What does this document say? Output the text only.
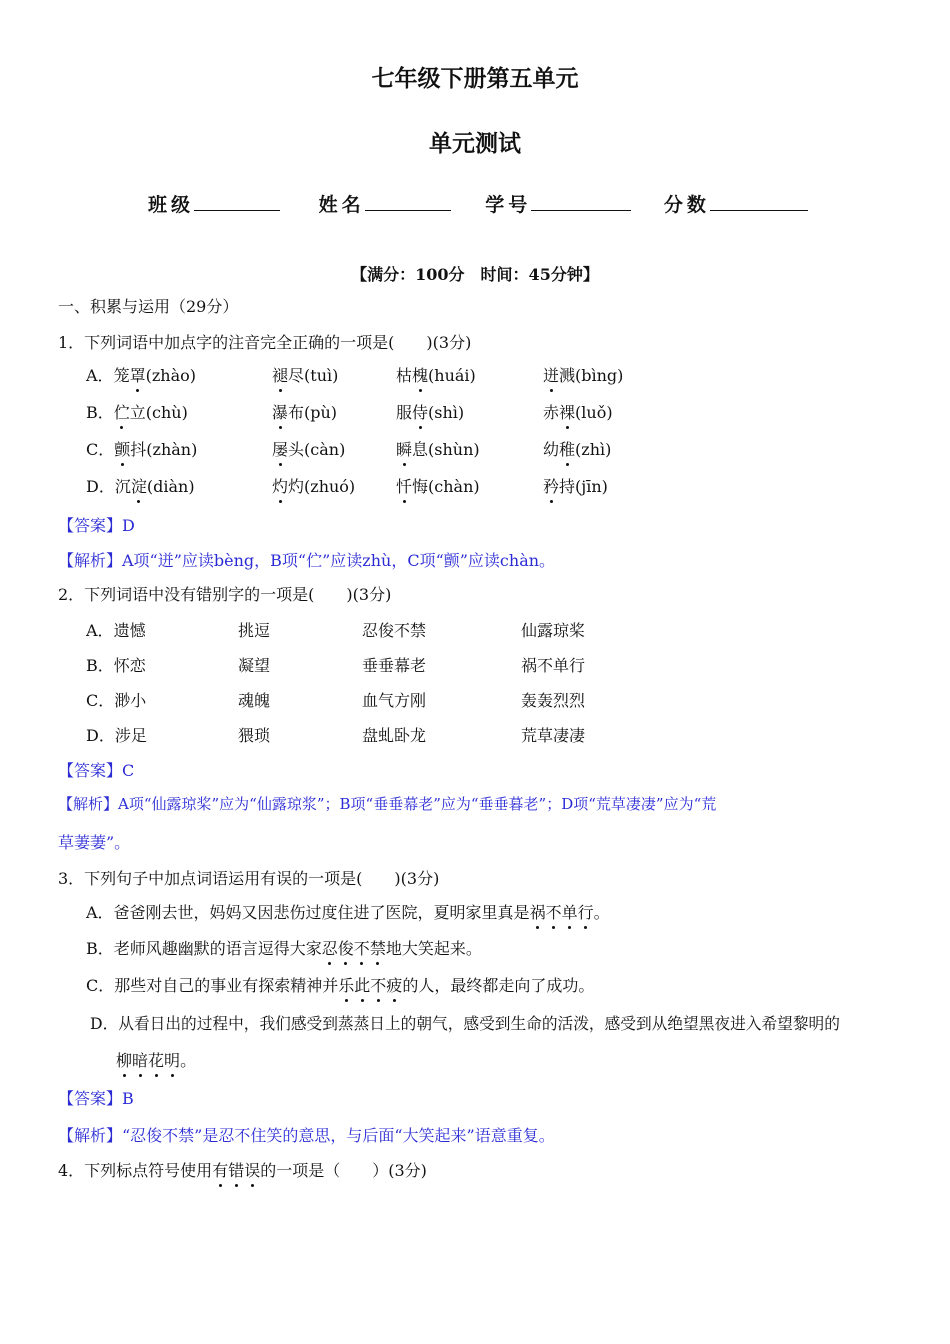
七年级下册第五单元
单元测试
班级	姓名	学号	分数
【满分：100分　时间：45分钟】
一、积累与运用（29分）
1．下列词语中加点字的注音完全正确的一项是(　　)(3分)
A．笼罩(zhào)	褪尽(tuì)	枯槐(huái)	迸溅(bìng)
B．伫立(chù)	瀑布(pù)	服侍(shì)	赤裸(luǒ)
C．颤抖(zhàn)	屡头(càn)	瞬息(shùn)	幼稚(zhì)
D．沉淀(diàn)	灼灼(zhuó)	忏悔(chàn)	矜持(jīn)
【答案】D
【解析】A项“迸”应读bèng，B项“伫”应读zhù，C项“颤”应读chàn。
2．下列词语中没有错别字的一项是(　　)(3分)
A．遗憾	挑逗	忍俊不禁	仙露琼桨
B．怀恋	凝望	垂垂幕老	祸不单行
C．渺小	魂魄	血气方刚	轰轰烈烈
D．涉足	猥琐	盘虬卧龙	荒草凄凄
【答案】C
【解析】A项“仙露琼桨”应为“仙露琼浆”；B项“垂垂幕老”应为“垂垂暮老”；D项“荒草凄凄”应为“荒
草萋萋”。
3．下列句子中加点词语运用有误的一项是(　　)(3分)
A．爸爸刚去世，妈妈又因悲伤过度住进了医院，夏明家里真是祸不单行。
B．老师风趣幽默的语言逗得大家忍俊不禁地大笑起来。
C．那些对自己的事业有探索精神并乐此不疲的人，最终都走向了成功。
D．从看日出的过程中，我们感受到蒸蒸日上的朝气，感受到生命的活泼，感受到从绝望黑夜进入希望黎明的
柳暗花明。
【答案】B
【解析】“忍俊不禁”是忍不住笑的意思，与后面“大笑起来”语意重复。
4．下列标点符号使用有错误的一项是（　　）(3分)
